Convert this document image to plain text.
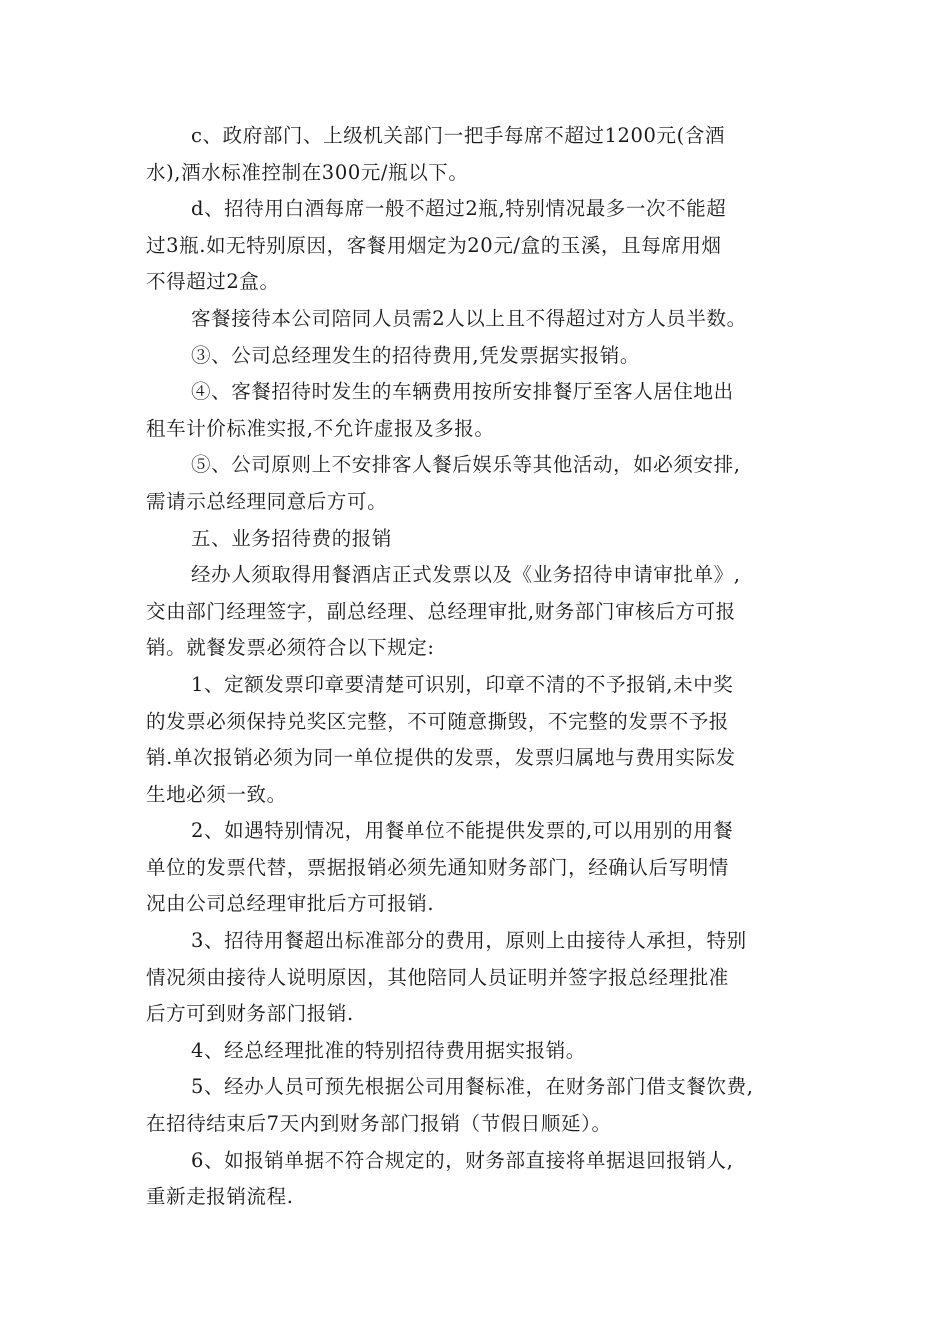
c、政府部门、上级机关部门一把手每席不超过1200元(含酒
水),酒水标准控制在300元/瓶以下。
d、招待用白酒每席一般不超过2瓶,特别情况最多一次不能超
过3瓶.如无特别原因，客餐用烟定为20元/盒的玉溪，且每席用烟
不得超过2盒。
客餐接待本公司陪同人员需2人以上且不得超过对方人员半数。
③、公司总经理发生的招待费用,凭发票据实报销。
④、客餐招待时发生的车辆费用按所安排餐厅至客人居住地出
租车计价标准实报,不允许虚报及多报。
⑤、公司原则上不安排客人餐后娱乐等其他活动，如必须安排,
需请示总经理同意后方可。
五、业务招待费的报销
经办人须取得用餐酒店正式发票以及《业务招待申请审批单》,
交由部门经理签字，副总经理、总经理审批,财务部门审核后方可报
销。就餐发票必须符合以下规定:
1、定额发票印章要清楚可识别，印章不清的不予报销,未中奖
的发票必须保持兑奖区完整，不可随意撕毁，不完整的发票不予报
销.单次报销必须为同一单位提供的发票，发票归属地与费用实际发
生地必须一致。
2、如遇特别情况，用餐单位不能提供发票的,可以用别的用餐
单位的发票代替，票据报销必须先通知财务部门，经确认后写明情
况由公司总经理审批后方可报销.
3、招待用餐超出标准部分的费用，原则上由接待人承担，特别
情况须由接待人说明原因，其他陪同人员证明并签字报总经理批准
后方可到财务部门报销.
4、经总经理批准的特别招待费用据实报销。
5、经办人员可预先根据公司用餐标准，在财务部门借支餐饮费,
在招待结束后7天内到财务部门报销（节假日顺延）。
6、如报销单据不符合规定的，财务部直接将单据退回报销人,
重新走报销流程.
